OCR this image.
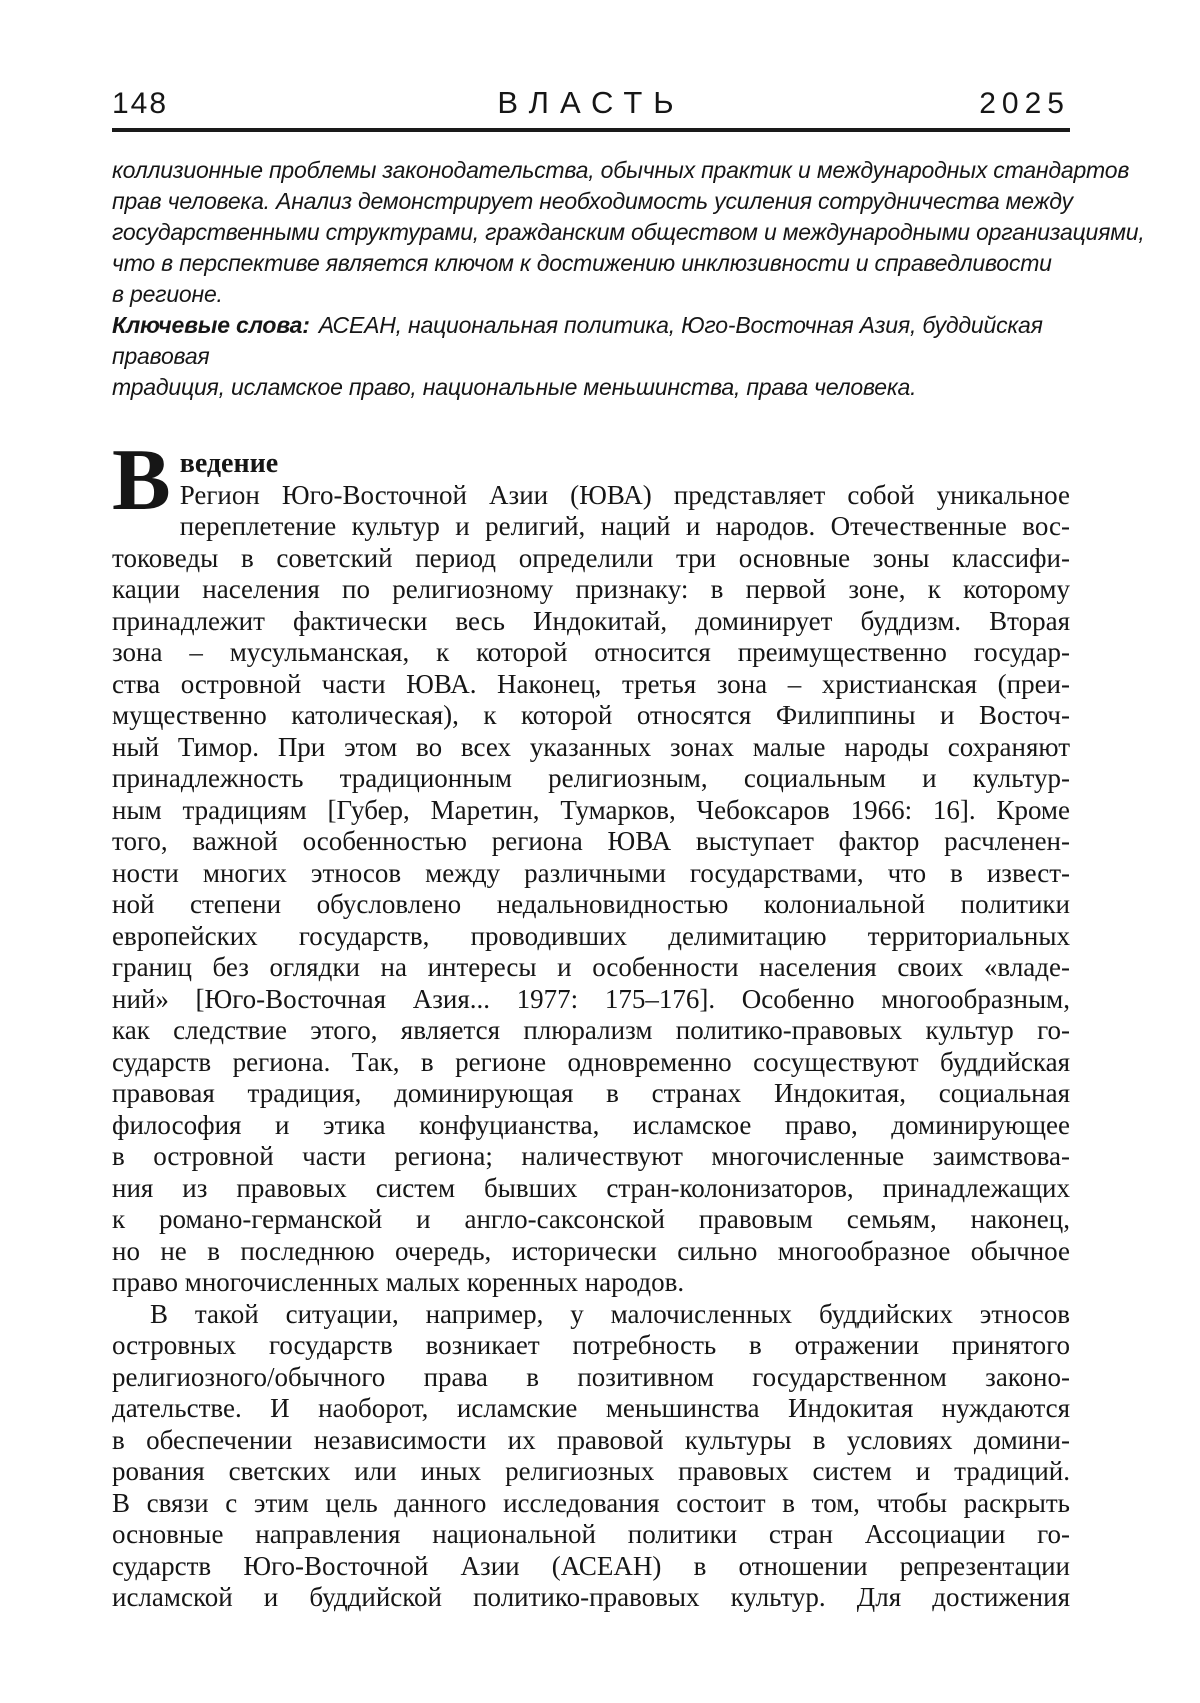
148	ВЛАСТЬ	2025
коллизионные проблемы законодательства, обычных практик и международных стандартов
прав человека. Анализ демонстрирует необходимость усиления сотрудничества между
государственными структурами, гражданским обществом и международными организациями,
что в перспективе является ключом к достижению инклюзивности и справедливости
в регионе.
Ключевые слова: АСЕАН, национальная политика, Юго-Восточная Азия, буддийская правовая
традиция, исламское право, национальные меньшинства, права человека.
В ведение
Регион Юго-Восточной Азии (ЮВА) представляет собой уникальное
переплетение культур и религий, наций и народов. Отечественные вос-
токоведы в советский период определили три основные зоны классифи-
кации населения по религиозному признаку: в первой зоне, к которому
принадлежит фактически весь Индокитай, доминирует буддизм. Вторая
зона – мусульманская, к которой относится преимущественно государ-
ства островной части ЮВА. Наконец, третья зона – христианская (преи-
мущественно католическая), к которой относятся Филиппины и Восточ-
ный Тимор. При этом во всех указанных зонах малые народы сохраняют
принадлежность традиционным религиозным, социальным и культур-
ным традициям [Губер, Маретин, Тумарков, Чебоксаров 1966: 16]. Кроме
того, важной особенностью региона ЮВА выступает фактор расчленен-
ности многих этносов между различными государствами, что в извест-
ной степени обусловлено недальновидностью колониальной политики
европейских государств, проводивших делимитацию территориальных
границ без оглядки на интересы и особенности населения своих «владе-
ний» [Юго-Восточная Азия... 1977: 175–176]. Особенно многообразным,
как следствие этого, является плюрализм политико-правовых культур го-
сударств региона. Так, в регионе одновременно сосуществуют буддийская
правовая традиция, доминирующая в странах Индокитая, социальная
философия и этика конфуцианства, исламское право, доминирующее
в островной части региона; наличествуют многочисленные заимствова-
ния из правовых систем бывших стран-колонизаторов, принадлежащих
к романо-германской и англо-саксонской правовым семьям, наконец,
но не в последнюю очередь, исторически сильно многообразное обычное
право многочисленных малых коренных народов.
В такой ситуации, например, у малочисленных буддийских этносов
островных государств возникает потребность в отражении принятого
религиозного/обычного права в позитивном государственном законо-
дательстве. И наоборот, исламские меньшинства Индокитая нуждаются
в обеспечении независимости их правовой культуры в условиях домини-
рования светских или иных религиозных правовых систем и традиций.
В связи с этим цель данного исследования состоит в том, чтобы раскрыть
основные направления национальной политики стран Ассоциации го-
сударств Юго-Восточной Азии (АСЕАН) в отношении репрезентации
исламской и буддийской политико-правовых культур. Для достижения
